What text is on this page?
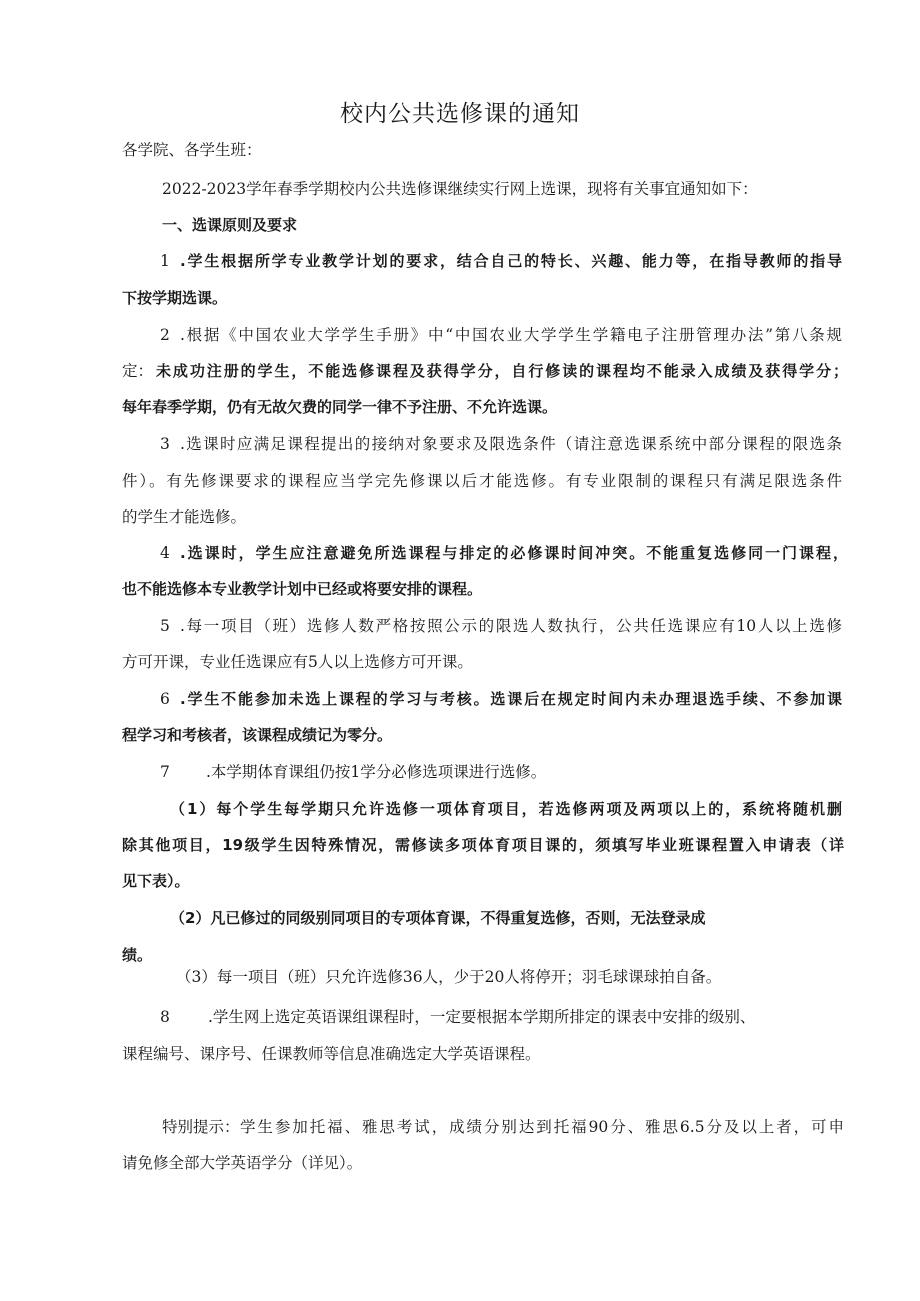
校内公共选修课的通知
各学院、各学生班：
2022-2023学年春季学期校内公共选修课继续实行网上选课，现将有关事宜通知如下：
一、选课原则及要求
1 .学生根据所学专业教学计划的要求，结合自己的特长、兴趣、能力等，在指导教师的指导
下按学期选课。
2 .根据《中国农业大学学生手册》中“中国农业大学学生学籍电子注册管理办法”第八条规
定： 未成功注册的学生，不能选修课程及获得学分，自行修读的课程均不能录入成绩及获得学分；
每年春季学期，仍有无故欠费的同学一律不予注册、不允许选课。
3 .选课时应满足课程提出的接纳对象要求及限选条件（请注意选课系统中部分课程的限选条
件）。有先修课要求的课程应当学完先修课以后才能选修。有专业限制的课程只有满足限选条件
的学生才能选修。
4 .选课时，学生应注意避免所选课程与排定的必修课时间冲突。不能重复选修同一门课程，
也不能选修本专业教学计划中已经或将要安排的课程。
5 .每一项目（班）选修人数严格按照公示的限选人数执行，公共任选课应有10人以上选修
方可开课，专业任选课应有5人以上选修方可开课。
6 .学生不能参加未选上课程的学习与考核。选课后在规定时间内未办理退选手续、不参加课
程学习和考核者，该课程成绩记为零分。
7 .本学期体育课组仍按1学分必修选项课进行选修。
（1）每个学生每学期只允许选修一项体育项目，若选修两项及两项以上的，系统将随机删
除其他项目，19级学生因特殊情况，需修读多项体育项目课的，须填写毕业班课程置入申请表（详
见下表）。
（2）凡已修过的同级别同项目的专项体育课，不得重复选修，否则，无法登录成
绩。
（3）每一项目（班）只允许选修36人，少于20人将停开；羽毛球课球拍自备。
8 .学生网上选定英语课组课程时，一定要根据本学期所排定的课表中安排的级别、
课程编号、课序号、任课教师等信息准确选定大学英语课程。
特别提示： 学生参加托福、雅思考试，成绩分别达到托福90分、雅思6.5分及以上者，可申
请免修全部大学英语学分（详见）。
